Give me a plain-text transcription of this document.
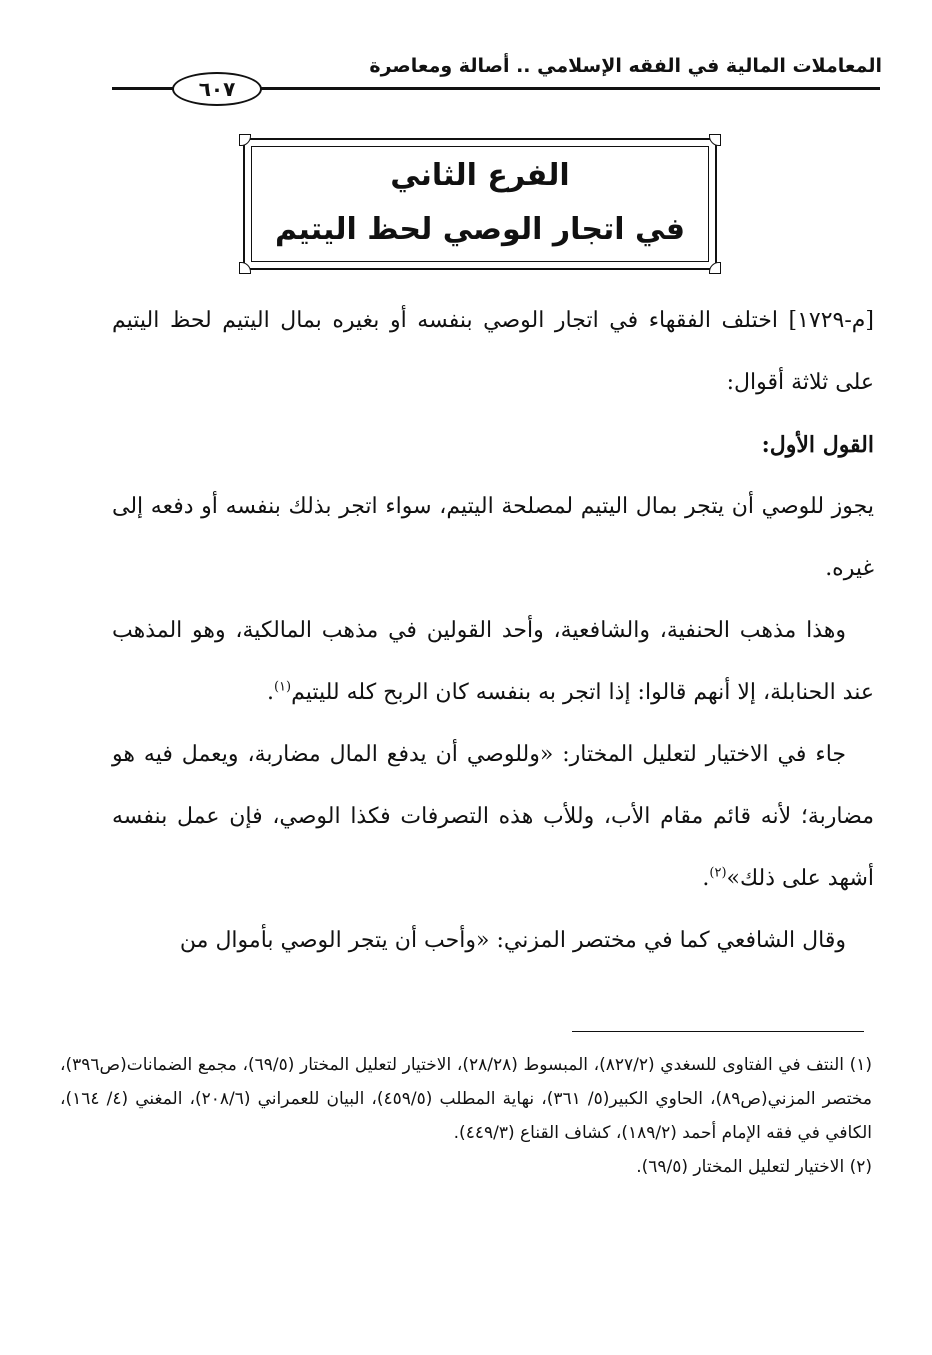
المعاملات المالية في الفقه الإسلامي .. أصالة ومعاصرة
٦٠٧
الفرع الثاني
في اتجار الوصي لحظ اليتيم

[م-١٧٢٩] اختلف الفقهاء في اتجار الوصي بنفسه أو بغيره بمال اليتيم لحظ اليتيم على ثلاثة أقوال:

القول الأول:

يجوز للوصي أن يتجر بمال اليتيم لمصلحة اليتيم، سواء اتجر بذلك بنفسه أو دفعه إلى غيره.

وهذا مذهب الحنفية، والشافعية، وأحد القولين في مذهب المالكية، وهو المذهب عند الحنابلة، إلا أنهم قالوا: إذا اتجر به بنفسه كان الربح كله لليتيم$^{(١)}$.

جاء في الاختيار لتعليل المختار: «وللوصي أن يدفع المال مضاربة، ويعمل فيه هو مضاربة؛ لأنه قائم مقام الأب، وللأب هذه التصرفات فكذا الوصي، فإن عمل بنفسه أشهد على ذلك»$^{(٢)}$.

وقال الشافعي كما في مختصر المزني: «وأحب أن يتجر الوصي بأموال من

(١) النتف في الفتاوى للسغدي (٨٢٧/٢)، المبسوط (٢٨/٢٨)، الاختيار لتعليل المختار (٦٩/٥)، مجمع الضمانات(ص٣٩٦)، مختصر المزني(ص٨٩)، الحاوي الكبير(٥/ ٣٦١)، نهاية المطلب (٤٥٩/٥)، البيان للعمراني (٢٠٨/٦)، المغني (٤/ ١٦٤)، الكافي في فقه الإمام أحمد (١٨٩/٢)، كشاف القناع (٤٤٩/٣).

(٢) الاختيار لتعليل المختار (٦٩/٥).
